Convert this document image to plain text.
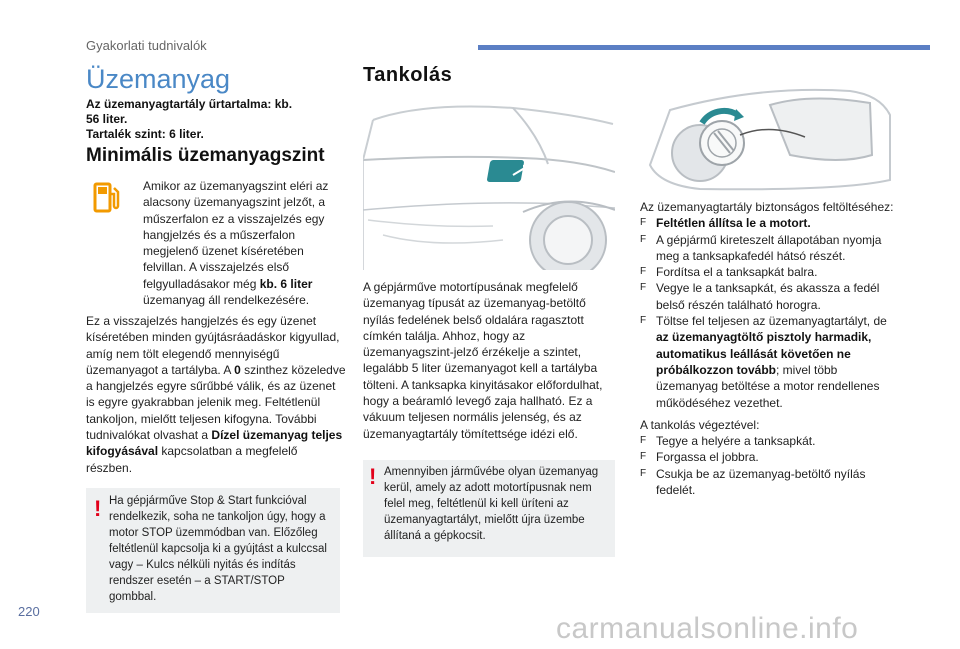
Gyakorlati tudnivalók
Üzemanyag
Az üzemanyagtartály űrtartalma: kb.
56 liter.
Tartalék szint: 6 liter.
Minimális üzemanyagszint
Amikor az üzemanyagszint eléri az alacsony üzemanyagszint jelzőt, a műszerfalon ez a visszajelzés egy hangjelzés és a műszerfalon megjelenő üzenet kíséretében felvillan. A visszajelzés első felgyulladásakor még kb. 6 liter üzemanyag áll rendelkezésére.
Ez a visszajelzés hangjelzés és egy üzenet kíséretében minden gyújtásráadáskor kigyullad, amíg nem tölt elegendő mennyiségű üzemanyagot a tartályba. A 0 szinthez közeledve a hangjelzés egyre sűrűbbé válik, és az üzenet is egyre gyakrabban jelenik meg. Feltétlenül tankoljon, mielőtt teljesen kifogyna. További tudnivalókat olvashat a Dízel üzemanyag teljes kifogyásával kapcsolatban a megfelelő részben.
! Ha gépjárműve Stop & Start funkcióval rendelkezik, soha ne tankoljon úgy, hogy a motor STOP üzemmódban van. Előzőleg feltétlenül kapcsolja ki a gyújtást a kulccsal vagy – Kulcs nélküli nyitás és indítás rendszer esetén – a START/STOP gombbal.
Tankolás
A gépjárműve motortípusának megfelelő üzemanyag típusát az üzemanyag-betöltő nyílás fedelének belső oldalára ragasztott címkén találja. Ahhoz, hogy az üzemanyagszint-jelző érzékelje a szintet, legalább 5 liter üzemanyagot kell a tartályba tölteni. A tanksapka kinyitásakor előfordulhat, hogy a beáramló levegő zaja hallható. Ez a vákuum teljesen normális jelenség, és az üzemanyagtartály tömítettsége idézi elő.
! Amennyiben járművébe olyan üzemanyag kerül, amely az adott motortípusnak nem felel meg, feltétlenül ki kell üríteni az üzemanyagtartályt, mielőtt újra üzembe állítaná a gépkocsit.
Az üzemanyagtartály biztonságos feltöltéséhez:
F Feltétlen állítsa le a motort.
F A gépjármű kireteszelt állapotában nyomja meg a tanksapkafedél hátsó részét.
F Fordítsa el a tanksapkát balra.
F Vegye le a tanksapkát, és akassza a fedél belső részén található horogra.
F Töltse fel teljesen az üzemanyagtartályt, de az üzemanyagtöltő pisztoly harmadik, automatikus leállását követően ne próbálkozzon tovább; mivel több üzemanyag betöltése a motor rendellenes működéséhez vezethet.
A tankolás végeztével:
F Tegye a helyére a tanksapkát.
F Forgassa el jobbra.
F Csukja be az üzemanyag-betöltő nyílás fedelét.
220
carmanualsonline.info
